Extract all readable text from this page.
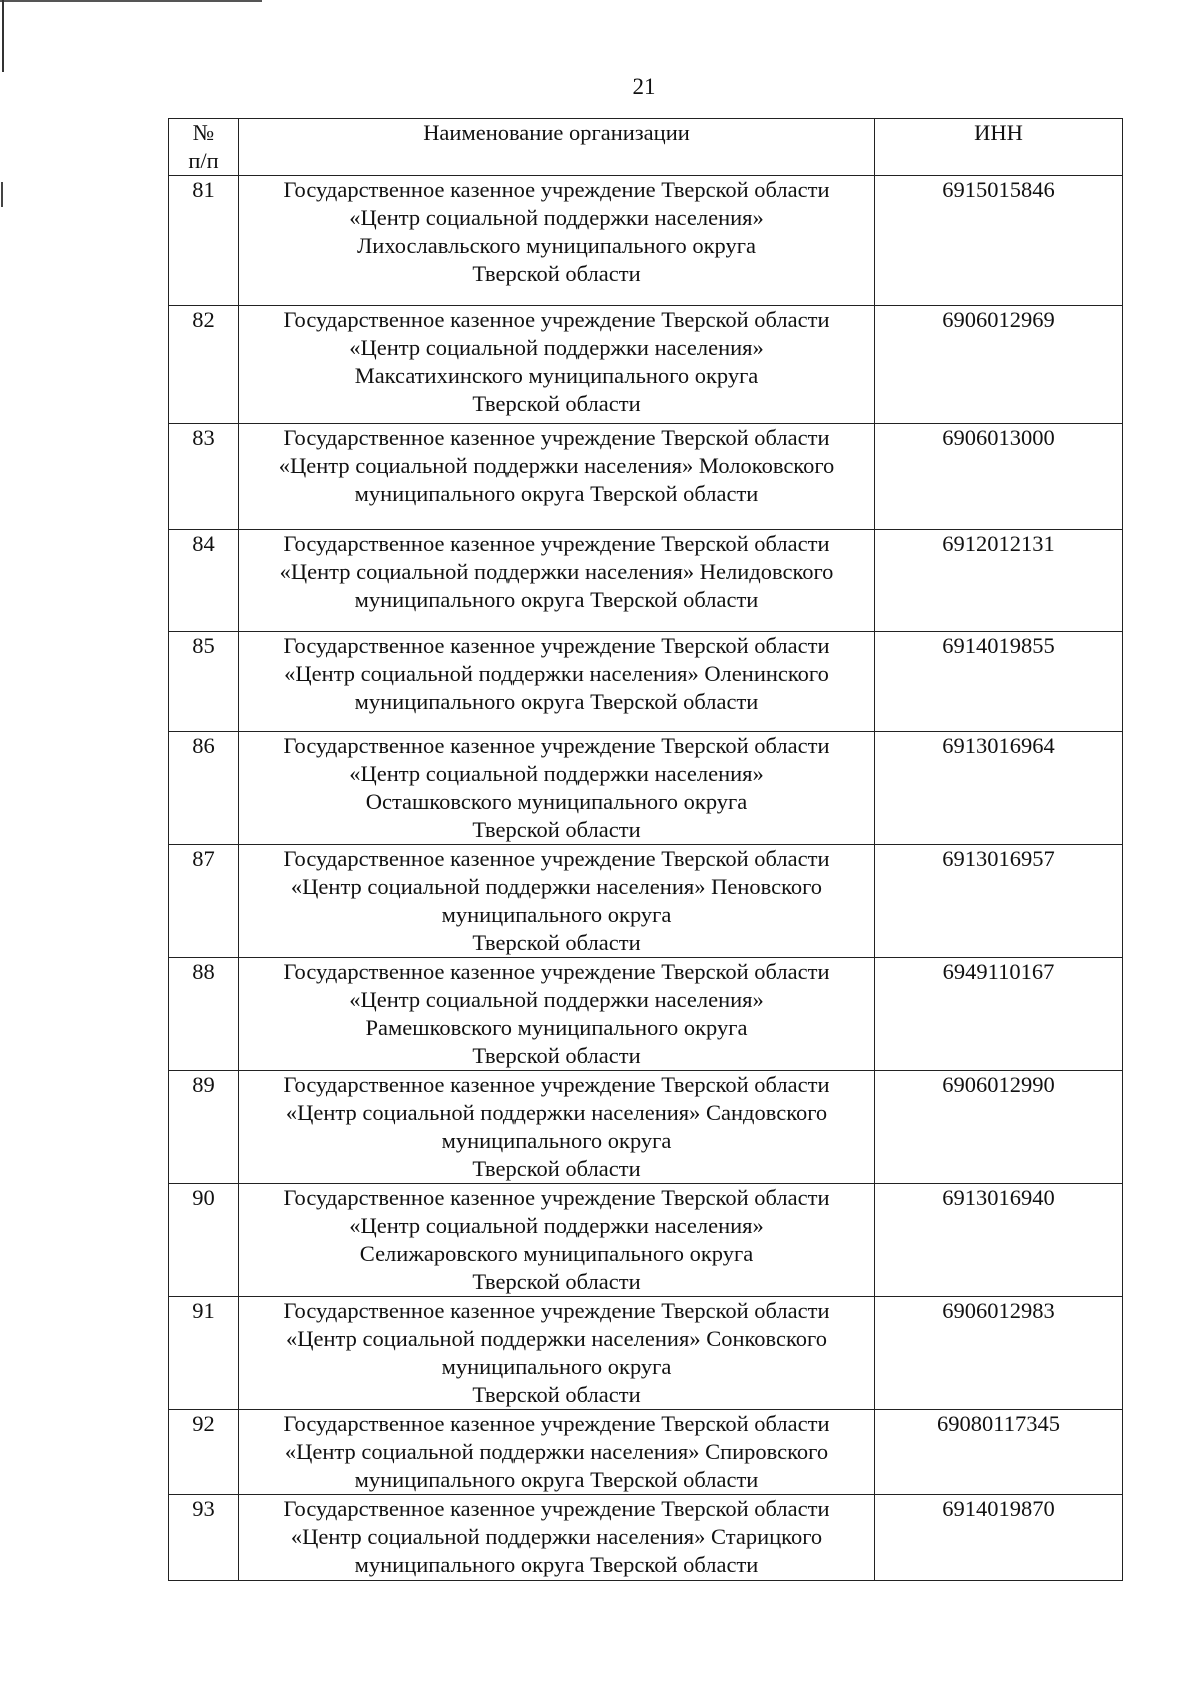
21
№
п/п	Наименование организации	ИНН
81	Государственное казенное учреждение Тверской области
«Центр социальной поддержки населения»
Лихославльского муниципального округа
Тверской области	6915015846
82	Государственное казенное учреждение Тверской области
«Центр социальной поддержки населения»
Максатихинского муниципального округа
Тверской области	6906012969
83	Государственное казенное учреждение Тверской области
«Центр социальной поддержки населения» Молоковского
муниципального округа Тверской области	6906013000
84	Государственное казенное учреждение Тверской области
«Центр социальной поддержки населения» Нелидовского
муниципального округа Тверской области	6912012131
85	Государственное казенное учреждение Тверской области
«Центр социальной поддержки населения» Оленинского
муниципального округа Тверской области	6914019855
86	Государственное казенное учреждение Тверской области
«Центр социальной поддержки населения»
Осташковского муниципального округа
Тверской области	6913016964
87	Государственное казенное учреждение Тверской области
«Центр социальной поддержки населения» Пеновского
муниципального округа
Тверской области	6913016957
88	Государственное казенное учреждение Тверской области
«Центр социальной поддержки населения»
Рамешковского муниципального округа
Тверской области	6949110167
89	Государственное казенное учреждение Тверской области
«Центр социальной поддержки населения» Сандовского
муниципального округа
Тверской области	6906012990
90	Государственное казенное учреждение Тверской области
«Центр социальной поддержки населения»
Селижаровского муниципального округа
Тверской области	6913016940
91	Государственное казенное учреждение Тверской области
«Центр социальной поддержки населения» Сонковского
муниципального округа
Тверской области	6906012983
92	Государственное казенное учреждение Тверской области
«Центр социальной поддержки населения» Спировского
муниципального округа Тверской области	69080117345
93	Государственное казенное учреждение Тверской области
«Центр социальной поддержки населения» Старицкого
муниципального округа Тверской области	6914019870
